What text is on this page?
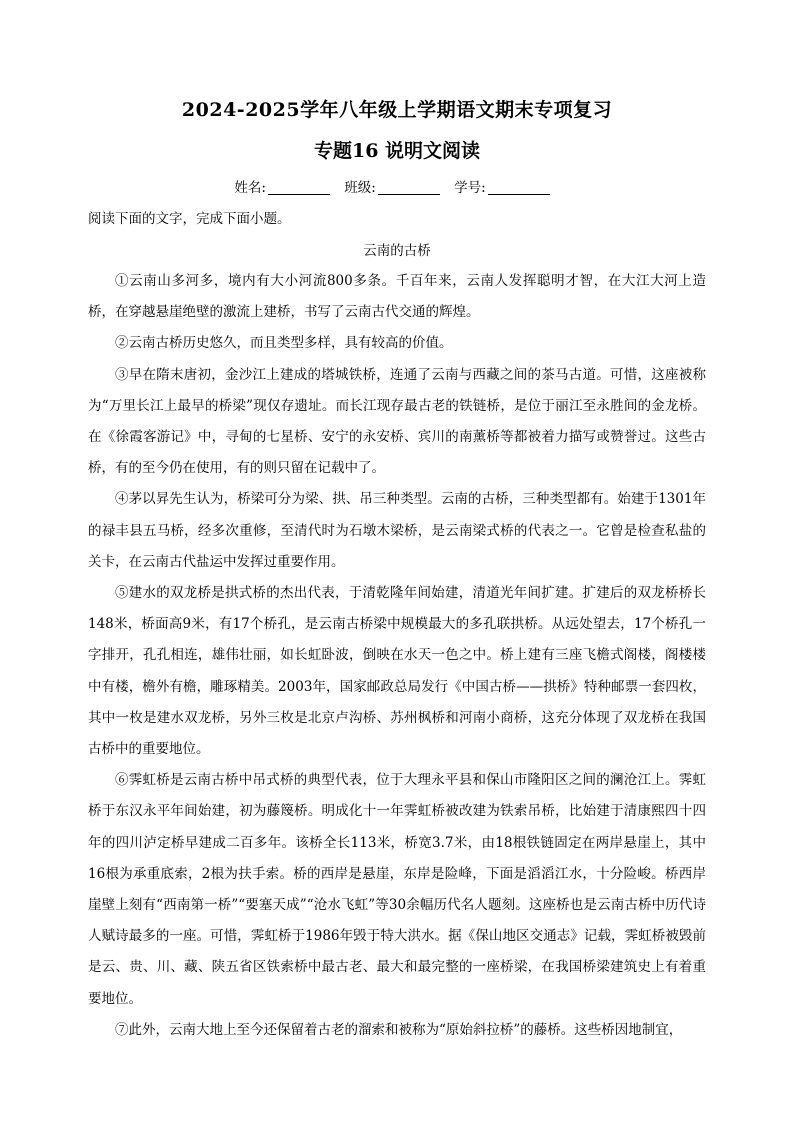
2024-2025学年八年级上学期语文期末专项复习
专题16 说明文阅读
姓名:	班级:	学号:
阅读下面的文字，完成下面小题。
云南的古桥

①云南山多河多，境内有大小河流800多条。千百年来，云南人发挥聪明才智，在大江大河上造桥，在穿越悬崖绝壁的激流上建桥，书写了云南古代交通的辉煌。

②云南古桥历史悠久，而且类型多样，具有较高的价值。

③早在隋末唐初，金沙江上建成的塔城铁桥，连通了云南与西藏之间的茶马古道。可惜，这座被称为“万里长江上最早的桥梁”现仅存遗址。而长江现存最古老的铁链桥，是位于丽江至永胜间的金龙桥。在《徐霞客游记》中，寻甸的七星桥、安宁的永安桥、宾川的南薰桥等都被着力描写或赞誉过。这些古桥，有的至今仍在使用，有的则只留在记载中了。

④茅以昇先生认为，桥梁可分为梁、拱、吊三种类型。云南的古桥，三种类型都有。始建于1301年的禄丰县五马桥，经多次重修，至清代时为石墩木梁桥，是云南梁式桥的代表之一。它曾是检查私盐的关卡，在云南古代盐运中发挥过重要作用。

⑤建水的双龙桥是拱式桥的杰出代表，于清乾隆年间始建，清道光年间扩建。扩建后的双龙桥桥长148米，桥面高9米，有17个桥孔，是云南古桥梁中规模最大的多孔联拱桥。从远处望去，17个桥孔一字排开，孔孔相连，雄伟壮丽，如长虹卧波，倒映在水天一色之中。桥上建有三座飞檐式阁楼，阁楼楼中有楼，檐外有檐，雕琢精美。2003年，国家邮政总局发行《中国古桥——拱桥》特种邮票一套四枚，其中一枚是建水双龙桥，另外三枚是北京卢沟桥、苏州枫桥和河南小商桥，这充分体现了双龙桥在我国古桥中的重要地位。

⑥霁虹桥是云南古桥中吊式桥的典型代表，位于大理永平县和保山市隆阳区之间的澜沧江上。霁虹桥于东汉永平年间始建，初为藤篾桥。明成化十一年霁虹桥被改建为铁索吊桥，比始建于清康熙四十四年的四川泸定桥早建成二百多年。该桥全长113米，桥宽3.7米，由18根铁链固定在两岸悬崖上，其中16根为承重底索，2根为扶手索。桥的西岸是悬崖，东岸是险峰，下面是滔滔江水，十分险峻。桥西岸崖壁上刻有“西南第一桥”“要塞天成”“沧水飞虹”等30余幅历代名人题刻。这座桥也是云南古桥中历代诗人赋诗最多的一座。可惜，霁虹桥于1986年毁于特大洪水。据《保山地区交通志》记载，霁虹桥被毁前是云、贵、川、藏、陕五省区铁索桥中最古老、最大和最完整的一座桥梁，在我国桥梁建筑史上有着重要地位。

⑦此外，云南大地上至今还保留着古老的溜索和被称为“原始斜拉桥”的藤桥。这些桥因地制宜，
